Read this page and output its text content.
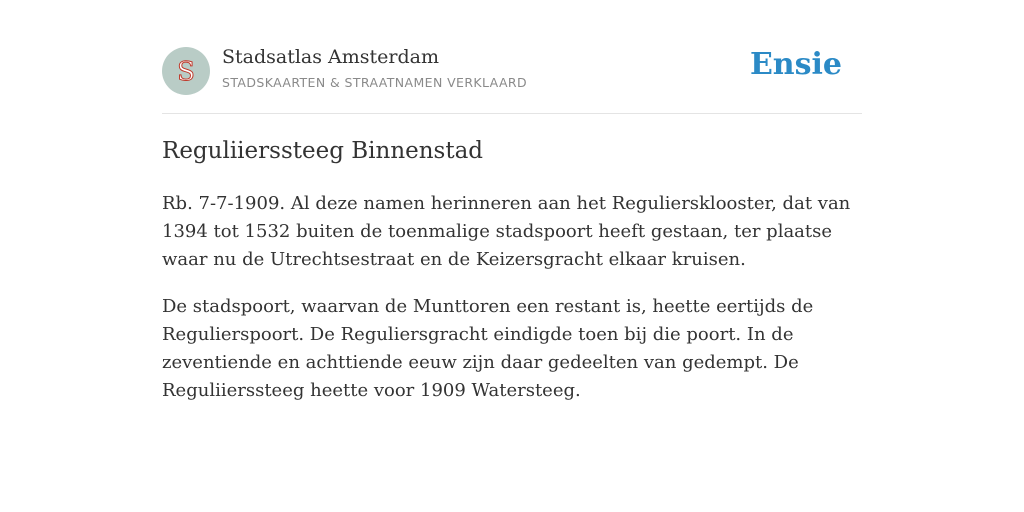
S Stadsatlas Amsterdam
STADSKAARTEN & STRAATNAMEN VERKLAARD
Ensie
Reguliierssteeg Binnenstad

Rb. 7-7-1909. Al deze namen herinneren aan het Reguliersklooster, dat van 1394 tot 1532 buiten de toenmalige stadspoort heeft gestaan, ter plaatse waar nu de Utrechtsestraat en de Keizersgracht elkaar kruisen.

De stadspoort, waarvan de Munttoren een restant is, heette eertijds de Regulierspoort. De Reguliersgracht eindigde toen bij die poort. In de zeventiende en achttiende eeuw zijn daar gedeelten van gedempt. De Reguliierssteeg heette voor 1909 Watersteeg.
